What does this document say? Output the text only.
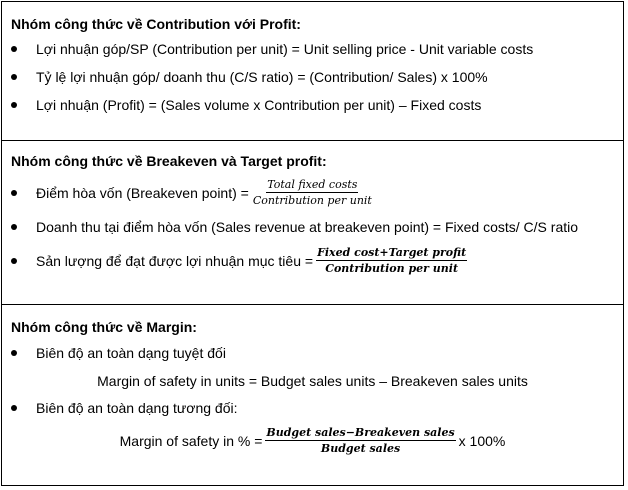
Nhóm công thức về Contribution với Profit:
Lợi nhuận góp/SP (Contribution per unit) = Unit selling price - Unit variable costs
Tỷ lệ lợi nhuận góp/ doanh thu (C/S ratio) = (Contribution/ Sales) x 100%
Lợi nhuận (Profit) = (Sales volume x Contribution per unit) – Fixed costs
Nhóm công thức về Breakeven và Target profit:
Điểm hòa vốn (Breakeven point) = $\frac{\text{Total fixed costs}}{\text{Contribution per unit}}$
Doanh thu tại điểm hòa vốn (Sales revenue at breakeven point) = Fixed costs/ C/S ratio
Sản lượng để đạt được lợi nhuận mục tiêu = $\frac{\text{Fixed cost+Target profit}}{\text{Contribution per unit}}$
Nhóm công thức về Margin:
Biên độ an toàn dạng tuyệt đối
Margin of safety in units = Budget sales units – Breakeven sales units
Biên độ an toàn dạng tương đối:
Margin of safety in % = $\frac{\text{Budget sales−Breakeven sales}}{\text{Budget sales}}$ x 100%
